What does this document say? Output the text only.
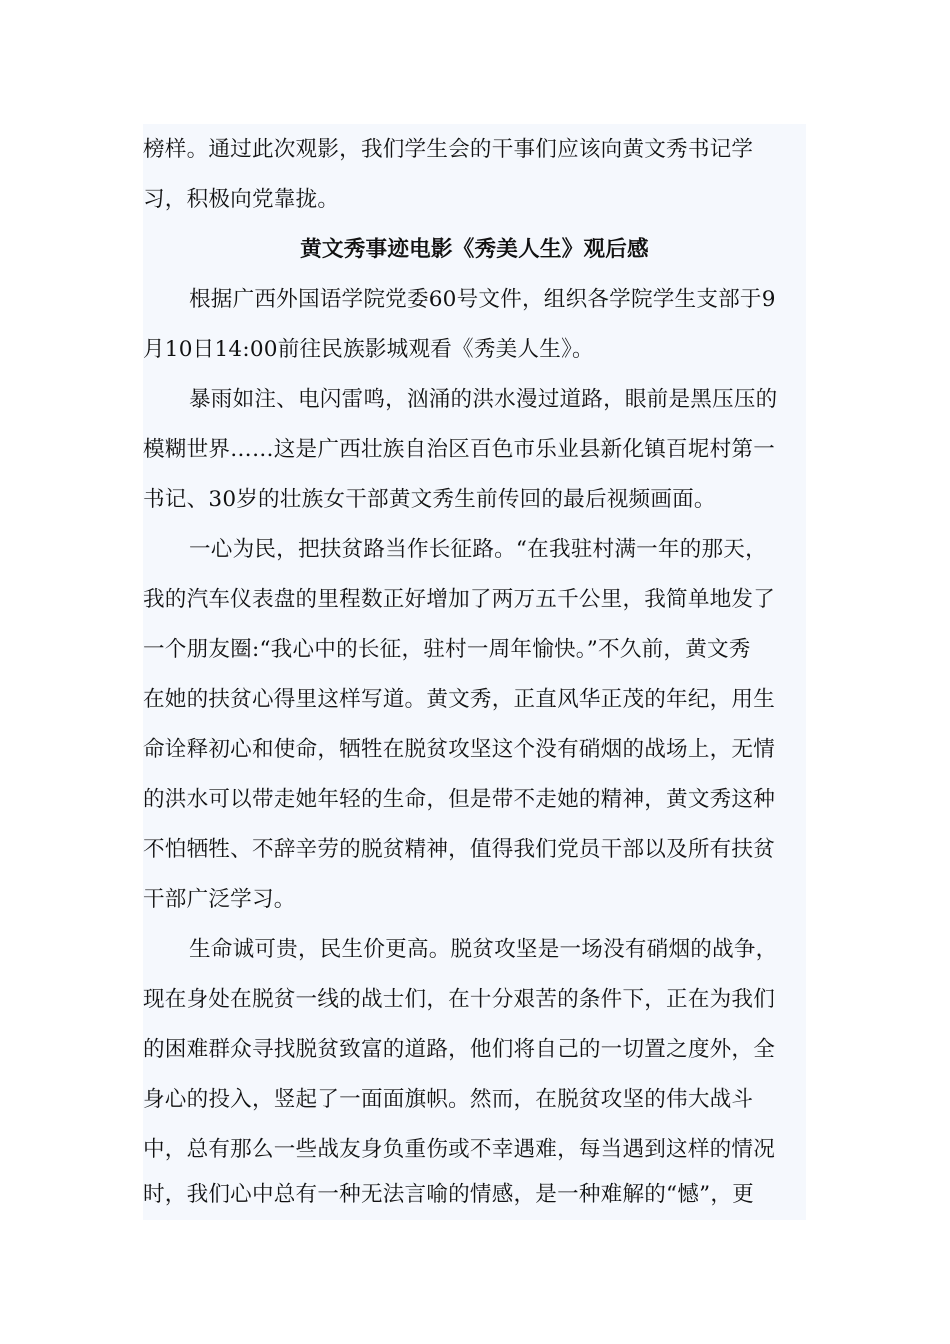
榜样。通过此次观影，我们学生会的干事们应该向黄文秀书记学
习，积极向党靠拢。
黄文秀事迹电影《秀美人生》观后感
根据广西外国语学院党委60号文件，组织各学院学生支部于9
月10日14:00前往民族影城观看《秀美人生》。
暴雨如注、电闪雷鸣，汹涌的洪水漫过道路，眼前是黑压压的
模糊世界……这是广西壮族自治区百色市乐业县新化镇百坭村第一
书记、30岁的壮族女干部黄文秀生前传回的最后视频画面。
一心为民，把扶贫路当作长征路。“在我驻村满一年的那天，
我的汽车仪表盘的里程数正好增加了两万五千公里，我简单地发了
一个朋友圈:“我心中的长征，驻村一周年愉快。”不久前，黄文秀
在她的扶贫心得里这样写道。黄文秀，正直风华正茂的年纪，用生
命诠释初心和使命，牺牲在脱贫攻坚这个没有硝烟的战场上，无情
的洪水可以带走她年轻的生命，但是带不走她的精神，黄文秀这种
不怕牺牲、不辞辛劳的脱贫精神，值得我们党员干部以及所有扶贫
干部广泛学习。
生命诚可贵，民生价更高。脱贫攻坚是一场没有硝烟的战争，
现在身处在脱贫一线的战士们，在十分艰苦的条件下，正在为我们
的困难群众寻找脱贫致富的道路，他们将自己的一切置之度外，全
身心的投入，竖起了一面面旗帜。然而，在脱贫攻坚的伟大战斗
中，总有那么一些战友身负重伤或不幸遇难，每当遇到这样的情况
时，我们心中总有一种无法言喻的情感，是一种难解的“憾”，更
